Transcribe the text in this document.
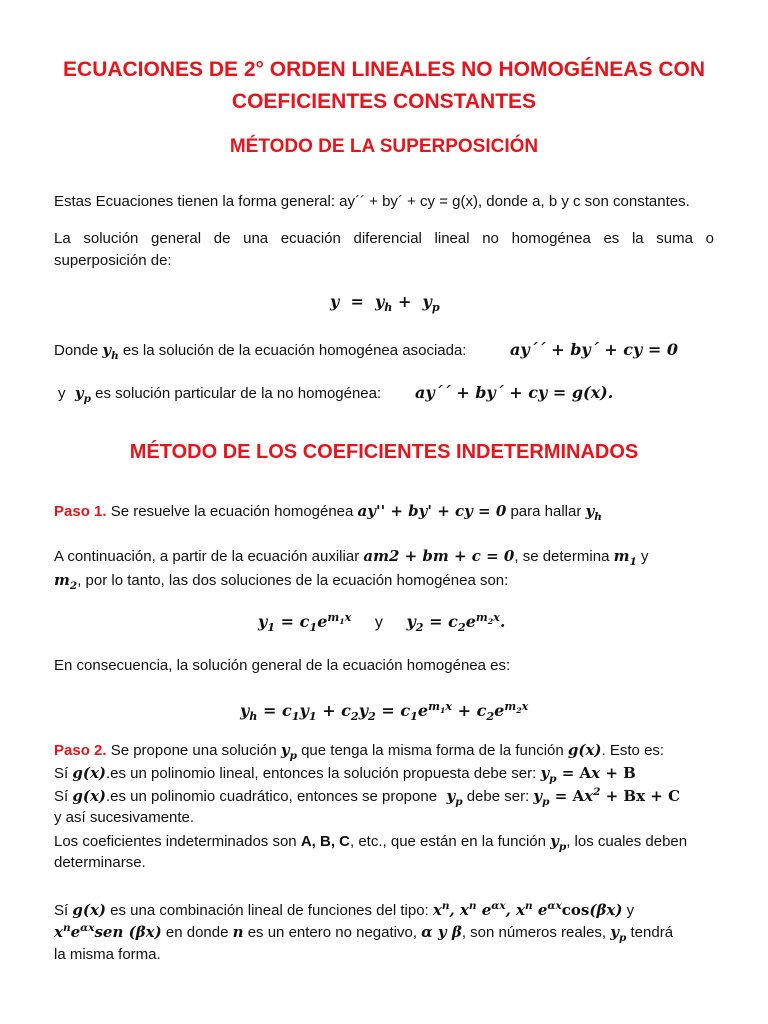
ECUACIONES DE 2° ORDEN LINEALES NO HOMOGÉNEAS CON
COEFICIENTES CONSTANTES
MÉTODO DE LA SUPERPOSICIÓN
Estas Ecuaciones tienen la forma general: ay´´ + by´ + cy = g(x), donde a, b y c son constantes.
La solución general de una ecuación diferencial lineal no homogénea es la suma o
superposición de:
$y = y_h + y_p$
Donde $y_h$ es la solución de la ecuación homogénea asociada:	ay´´ + by´ + cy = 0
y  $y_p$ es solución particular de la no homogénea: ay´´ + by´ + cy = g(x).
MÉTODO DE LOS COEFICIENTES INDETERMINADOS
Paso 1. Se resuelve la ecuación homogénea ay'' + by' + cy = 0 para hallar $y_h$
A continuación, a partir de la ecuación auxiliar am2 + bm + c = 0, se determina $m_1$ y
$m_2$, por lo tanto, las dos soluciones de la ecuación homogénea son:
$y_1 = c_1e^{m_1x}$ y $y_2 = c_2e^{m_2x}$.
En consecuencia, la solución general de la ecuación homogénea es:
$y_h = c_1y_1 + c_2y_2 = c_1e^{m_1x} + c_2e^{m_2x}$
Paso 2. Se propone una solución $y_p$ que tenga la misma forma de la función g(x). Esto es:
Sí g(x).es un polinomio lineal, entonces la solución propuesta debe ser: $y_p = Ax + B$
Sí g(x).es un polinomio cuadrático, entonces se propone  $y_p$ debe ser: $y_p = Ax^2 + Bx + C$
y así sucesivamente.
Los coeficientes indeterminados son A, B, C, etc., que están en la función $y_p$, los cuales deben
determinarse.
Sí g(x) es una combinación lineal de funciones del tipo: $x^n$, $x^n$ $e^{\alpha x}$, $x^n$ $e^{\alpha x}\cos(\beta x)$ y
$x^ne^{\alpha x}sen$ (βx) en donde n es un entero no negativo, α y β, son números reales, $y_p$ tendrá
la misma forma.
